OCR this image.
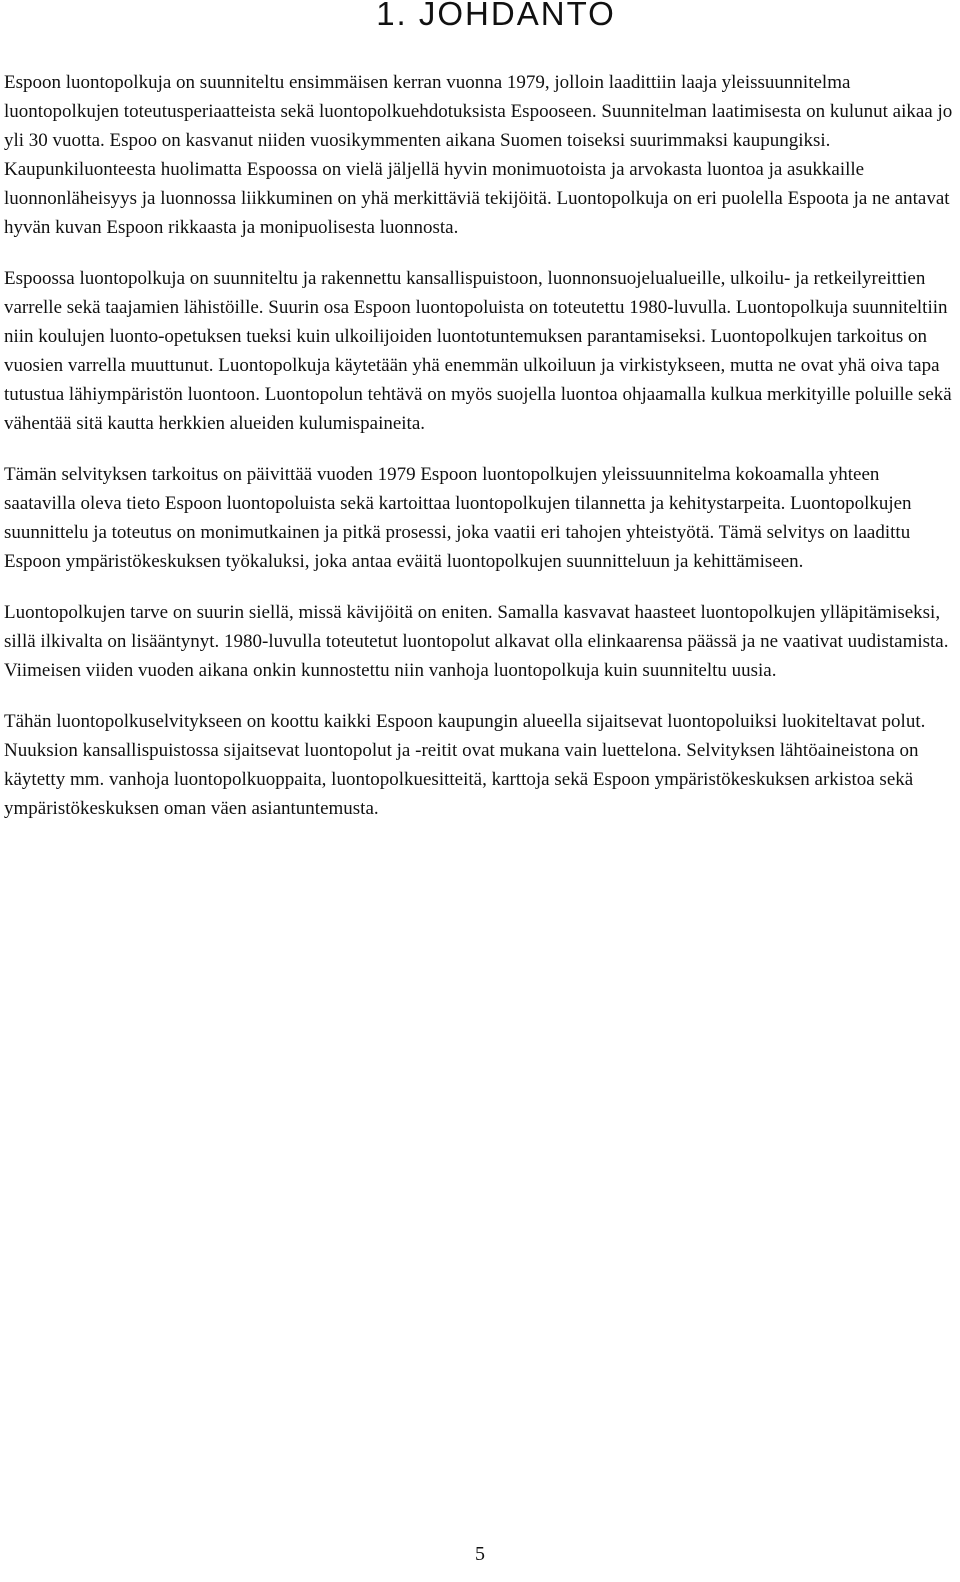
1. JOHDANTO

Espoon luontopolkuja on suunniteltu ensimmäisen kerran vuonna 1979, jolloin laadittiin laaja yleissuunnitelma luontopolkujen toteutusperiaatteista sekä luontopolkuehdotuksista Espooseen. Suunnitelman laatimisesta on kulunut aikaa jo yli 30 vuotta. Espoo on kasvanut niiden vuosikymmenten aikana Suomen toiseksi suurimmaksi kaupungiksi. Kaupunkiluonteesta huolimatta Espoossa on vielä jäljellä hyvin monimuotoista ja arvokasta luontoa ja asukkaille luonnonläheisyys ja luonnossa liikkuminen on yhä merkittäviä tekijöitä. Luontopolkuja on eri puolella Espoota ja ne antavat hyvän kuvan Espoon rikkaasta ja monipuolisesta luonnosta.

Espoossa luontopolkuja on suunniteltu ja rakennettu kansallispuistoon, luonnonsuojelualueille, ulkoilu- ja retkeilyreittien varrelle sekä taajamien lähistöille. Suurin osa Espoon luontopoluista on toteutettu 1980-luvulla. Luontopolkuja suunniteltiin niin koulujen luonto-opetuksen tueksi kuin ulkoilijoiden luontotuntemuksen parantamiseksi. Luontopolkujen tarkoitus on vuosien varrella muuttunut. Luontopolkuja käytetään yhä enemmän ulkoiluun ja virkistykseen, mutta ne ovat yhä oiva tapa tutustua lähiympäristön luontoon. Luontopolun tehtävä on myös suojella luontoa ohjaamalla kulkua merkityille poluille sekä vähentää sitä kautta herkkien alueiden kulumispaineita.

Tämän selvityksen tarkoitus on päivittää vuoden 1979 Espoon luontopolkujen yleissuunnitelma kokoamalla yhteen saatavilla oleva tieto Espoon luontopoluista sekä kartoittaa luontopolkujen tilannetta ja kehitystarpeita. Luontopolkujen suunnittelu ja toteutus on monimutkainen ja pitkä prosessi, joka vaatii eri tahojen yhteistyötä. Tämä selvitys on laadittu Espoon ympäristökeskuksen työkaluksi, joka antaa eväitä luontopolkujen suunnitteluun ja kehittämiseen.

Luontopolkujen tarve on suurin siellä, missä kävijöitä on eniten. Samalla kasvavat haasteet luontopolkujen ylläpitämiseksi, sillä ilkivalta on lisääntynyt. 1980-luvulla toteutetut luontopolut alkavat olla elinkaarensa päässä ja ne vaativat uudistamista. Viimeisen viiden vuoden aikana onkin kunnostettu niin vanhoja luontopolkuja kuin suunniteltu uusia.

Tähän luontopolkuselvitykseen on koottu kaikki Espoon kaupungin alueella sijaitsevat luontopoluiksi luokiteltavat polut. Nuuksion kansallispuistossa sijaitsevat luontopolut ja -reitit ovat mukana vain luettelona. Selvityksen lähtöaineistona on käytetty mm. vanhoja luontopolkuoppaita, luontopolkuesitteitä, karttoja sekä Espoon ympäristökeskuksen arkistoa sekä ympäristökeskuksen oman väen asiantuntemusta.

5
